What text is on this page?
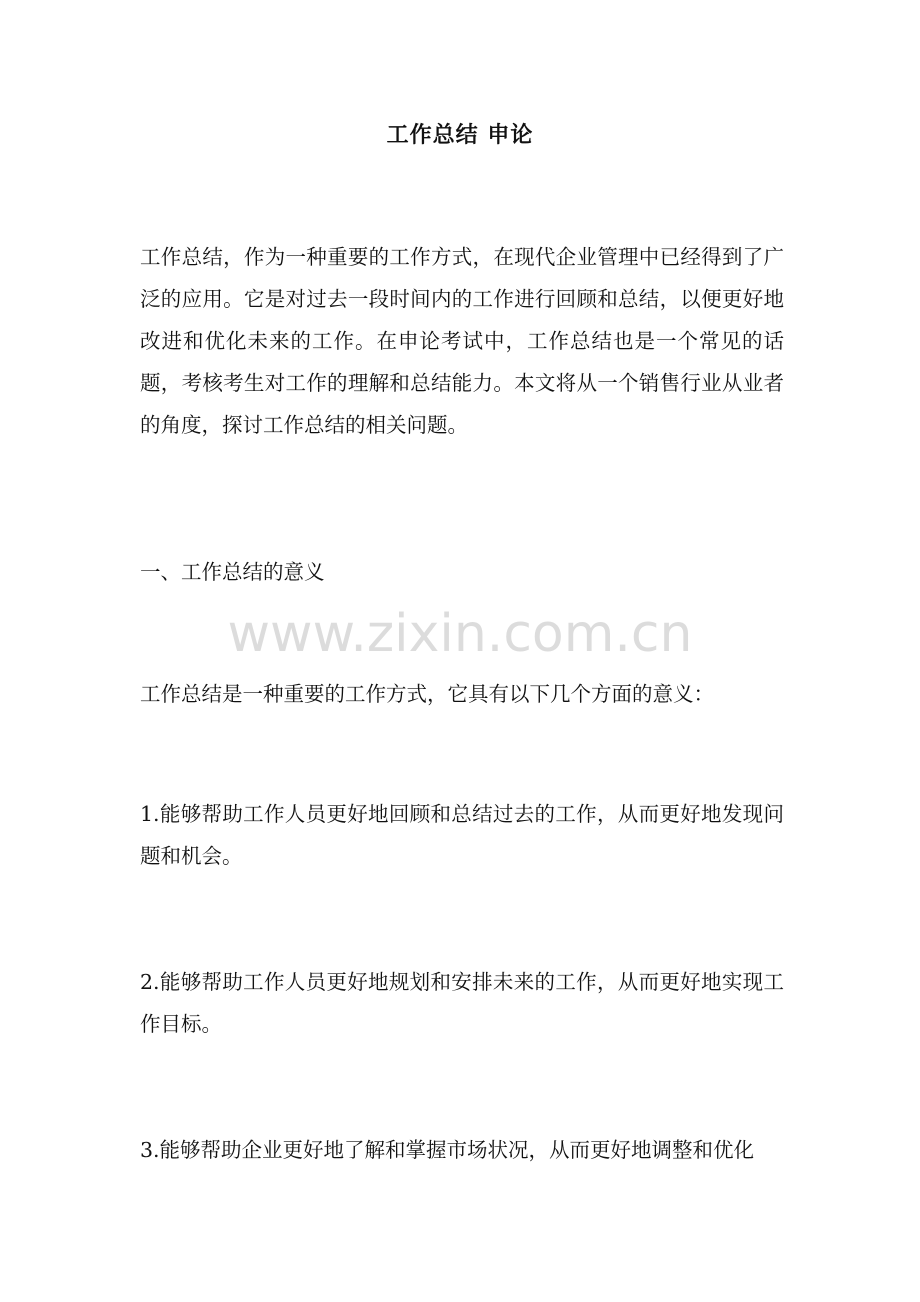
工作总结 申论

工作总结，作为一种重要的工作方式，在现代企业管理中已经得到了广泛的应用。它是对过去一段时间内的工作进行回顾和总结，以便更好地改进和优化未来的工作。在申论考试中，工作总结也是一个常见的话题，考核考生对工作的理解和总结能力。本文将从一个销售行业从业者的角度，探讨工作总结的相关问题。

一、工作总结的意义

www.zixin.com.cn

工作总结是一种重要的工作方式，它具有以下几个方面的意义：

1.能够帮助工作人员更好地回顾和总结过去的工作，从而更好地发现问题和机会。

2.能够帮助工作人员更好地规划和安排未来的工作，从而更好地实现工作目标。

3.能够帮助企业更好地了解和掌握市场状况，从而更好地调整和优化
